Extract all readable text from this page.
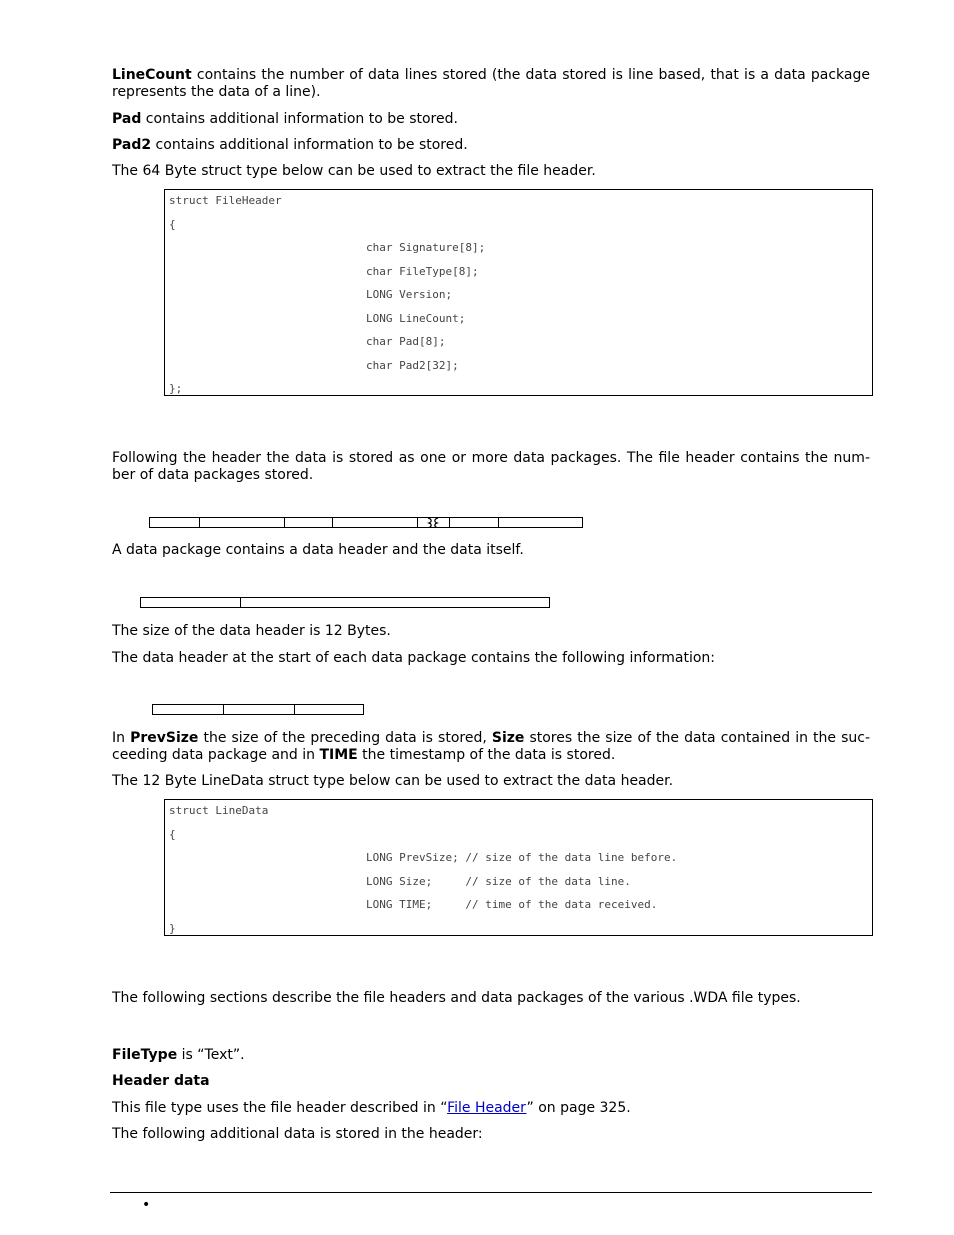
LineCount contains the number of data lines stored (the data stored is line based, that is a data package represents the data of a line).

Pad contains additional information to be stored.

Pad2 contains additional information to be stored.

The 64 Byte struct type below can be used to extract the file header.

struct FileHeader
{
char Signature[8];
char FileType[8];
LONG Version;
LONG LineCount;
char Pad[8];
char Pad2[32];
};

Following the header the data is stored as one or more data packages. The file header contains the num-ber of data packages stored.

A data package contains a data header and the data itself.

The size of the data header is 12 Bytes.

The data header at the start of each data package contains the following information:

In PrevSize the size of the preceding data is stored, Size stores the size of the data contained in the suc-ceeding data package and in TIME the timestamp of the data is stored.

The 12 Byte LineData struct type below can be used to extract the data header.

struct LineData
{
LONG PrevSize; // size of the data line before.
LONG Size;     // size of the data line.
LONG TIME;     // time of the data received.
}

The following sections describe the file headers and data packages of the various .WDA file types.

FileType is “Text”.

Header data

This file type uses the file header described in “File Header” on page 325.

The following additional data is stored in the header:

•
